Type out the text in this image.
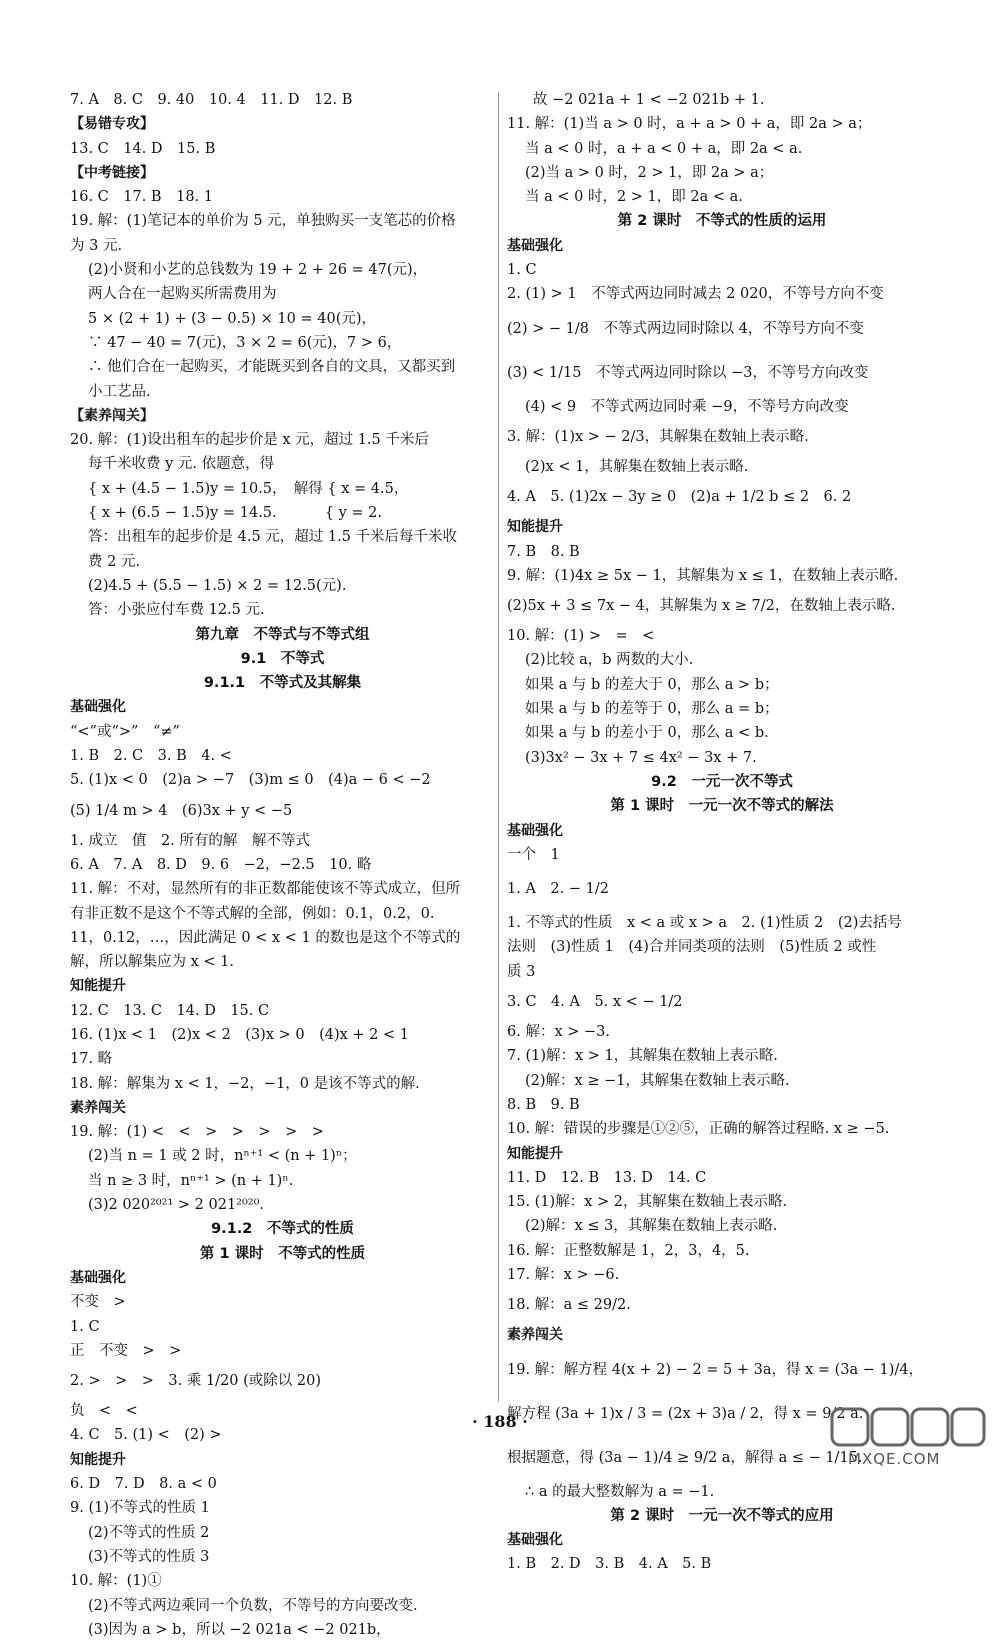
7. A　8. C　9. 40　10. 4　11. D　12. B
【易错专攻】
13. C　14. D　15. B
【中考链接】
16. C　17. B　18. 1
19. 解：(1)笔记本的单价为 5 元，单独购买一支笔芯的价格
为 3 元.
(2)小贤和小艺的总钱数为 19 + 2 + 26 = 47(元)，
两人合在一起购买所需费用为
5 × (2 + 1) + (3 − 0.5) × 10 = 40(元)，
∵ 47 − 40 = 7(元)，3 × 2 = 6(元)，7 > 6，
∴ 他们合在一起购买，才能既买到各自的文具，又都买到
小工艺品.
【素养闯关】
20. 解：(1)设出租车的起步价是 x 元，超过 1.5 千米后
每千米收费 y 元. 依题意，得
{ x + (4.5 − 1.5)y = 10.5，　解得 { x = 4.5，
{ x + (6.5 − 1.5)y = 14.5.　　　 { y = 2.
答：出租车的起步价是 4.5 元，超过 1.5 千米后每千米收
费 2 元.
(2)4.5 + (5.5 − 1.5) × 2 = 12.5(元).
答：小张应付车费 12.5 元.
第九章　不等式与不等式组
9.1　不等式
9.1.1　不等式及其解集
基础强化
“<”或“>”　“≠”
1. B　2. C　3. B　4. <
5. (1)x < 0　(2)a > −7　(3)m ≤ 0　(4)a − 6 < −2
(5) 1/4 m > 4　(6)3x + y < −5
1. 成立　值　2. 所有的解　解不等式
6. A　7. A　8. D　9. 6　−2，−2.5　10. 略
11. 解：不对，显然所有的非正数都能使该不等式成立，但所
有非正数不是这个不等式解的全部，例如：0.1，0.2，0.
11，0.12，…，因此满足 0 < x < 1 的数也是这个不等式的
解，所以解集应为 x < 1.
知能提升
12. C　13. C　14. D　15. C
16. (1)x < 1　(2)x < 2　(3)x > 0　(4)x + 2 < 1
17. 略
18. 解：解集为 x < 1，−2，−1，0 是该不等式的解.
素养闯关
19. 解：(1) <　<　>　>　>　>　>
(2)当 n = 1 或 2 时，nⁿ⁺¹ < (n + 1)ⁿ；
当 n ≥ 3 时，nⁿ⁺¹ > (n + 1)ⁿ.
(3)2 020²⁰²¹ > 2 021²⁰²⁰.
9.1.2　不等式的性质
第 1 课时　不等式的性质
基础强化
不变　>
1. C
正　不变　>　>
2. >　>　>　3. 乘 1/20 (或除以 20)
负　<　<
4. C　5. (1) <　(2) >
知能提升
6. D　7. D　8. a < 0
9. (1)不等式的性质 1
(2)不等式的性质 2
(3)不等式的性质 3
10. 解：(1)①
(2)不等式两边乘同一个负数，不等号的方向要改变.
(3)因为 a > b，所以 −2 021a < −2 021b，
故 −2 021a + 1 < −2 021b + 1.
11. 解：(1)当 a > 0 时，a + a > 0 + a，即 2a > a；
当 a < 0 时，a + a < 0 + a，即 2a < a.
(2)当 a > 0 时，2 > 1，即 2a > a；
当 a < 0 时，2 > 1，即 2a < a.
第 2 课时　不等式的性质的运用
基础强化
1. C
2. (1) > 1　不等式两边同时减去 2 020，不等号方向不变
(2) > − 1/8　不等式两边同时除以 4，不等号方向不变
(3) < 1/15　不等式两边同时除以 −3，不等号方向改变
(4) < 9　不等式两边同时乘 −9，不等号方向改变
3. 解：(1)x > − 2/3，其解集在数轴上表示略.
(2)x < 1，其解集在数轴上表示略.
4. A　5. (1)2x − 3y ≥ 0　(2)a + 1/2 b ≤ 2　6. 2
知能提升
7. B　8. B
9. 解：(1)4x ≥ 5x − 1，其解集为 x ≤ 1，在数轴上表示略.
(2)5x + 3 ≤ 7x − 4，其解集为 x ≥ 7/2，在数轴上表示略.
10. 解：(1) >　=　<
(2)比较 a，b 两数的大小.
如果 a 与 b 的差大于 0，那么 a > b；
如果 a 与 b 的差等于 0，那么 a = b；
如果 a 与 b 的差小于 0，那么 a < b.
(3)3x² − 3x + 7 ≤ 4x² − 3x + 7.
9.2　一元一次不等式
第 1 课时　一元一次不等式的解法
基础强化
一个　1
1. A　2. − 1/2
1. 不等式的性质　x < a 或 x > a　2. (1)性质 2　(2)去括号
法则　(3)性质 1　(4)合并同类项的法则　(5)性质 2 或性
质 3
3. C　4. A　5. x < − 1/2
6. 解：x > −3.
7. (1)解：x > 1，其解集在数轴上表示略.
(2)解：x ≥ −1，其解集在数轴上表示略.
8. B　9. B
10. 解：错误的步骤是①②⑤，正确的解答过程略. x ≥ −5.
知能提升
11. D　12. B　13. D　14. C
15. (1)解：x > 2，其解集在数轴上表示略.
(2)解：x ≤ 3，其解集在数轴上表示略.
16. 解：正整数解是 1，2，3，4，5.
17. 解：x > −6.
18. 解：a ≤ 29/2.
素养闯关
19. 解：解方程 4(x + 2) − 2 = 5 + 3a，得 x = (3a − 1)/4，
解方程 (3a + 1)x / 3 = (2x + 3)a / 2，得 x = 9/2 a.
根据题意，得 (3a − 1)/4 ≥ 9/2 a，解得 a ≤ − 1/15.
∴ a 的最大整数解为 a = −1.
第 2 课时　一元一次不等式的应用
基础强化
1. B　2. D　3. B　4. A　5. B
· 188 ·
MXQE.COM
